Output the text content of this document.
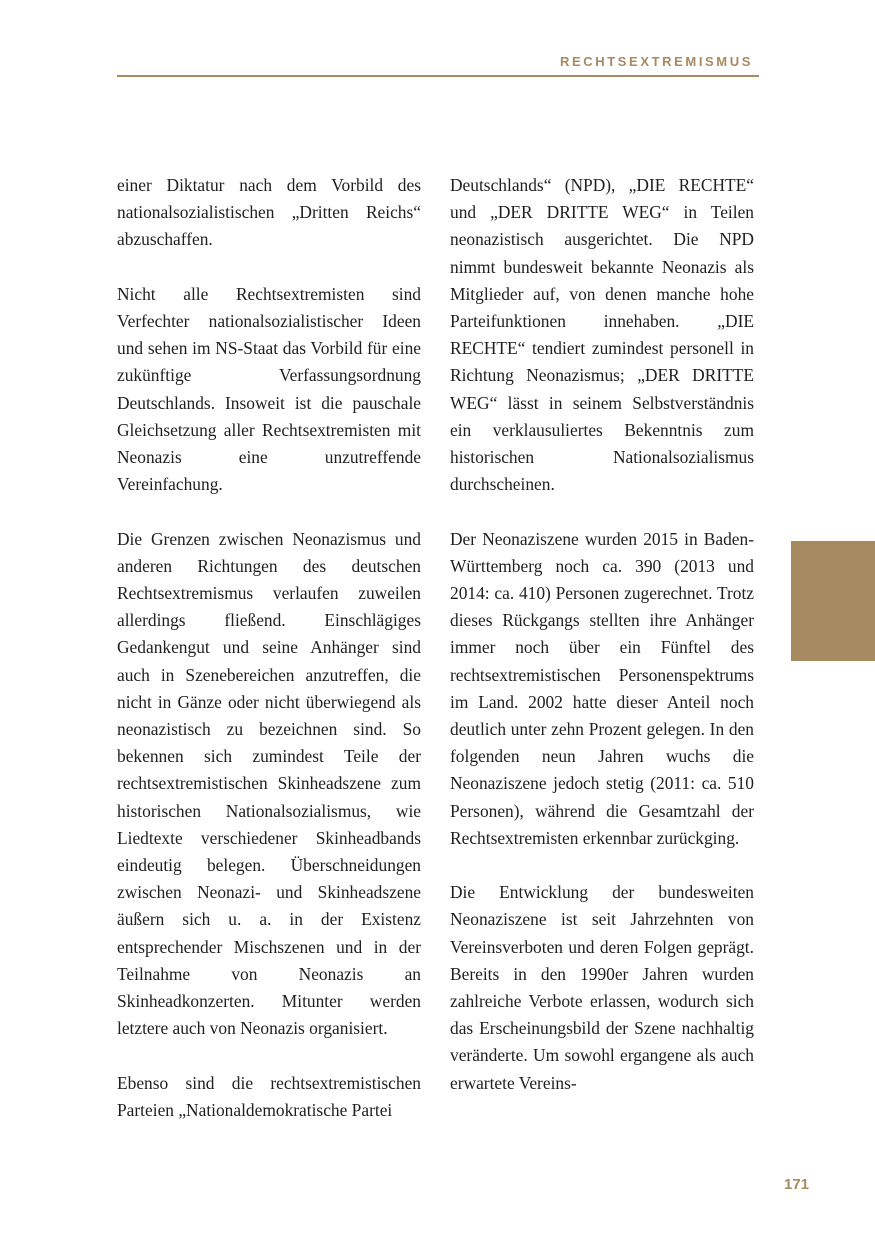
RECHTSEXTREMISMUS

einer Diktatur nach dem Vorbild des nationalsozialistischen „Dritten Reichs“ abzuschaffen.

Nicht alle Rechtsextremisten sind Verfechter nationalsozialistischer Ideen und sehen im NS-Staat das Vorbild für eine zukünftige Verfassungsordnung Deutschlands. Insoweit ist die pauschale Gleichsetzung aller Rechtsextremisten mit Neonazis eine unzutreffende Vereinfachung.

Die Grenzen zwischen Neonazismus und anderen Richtungen des deutschen Rechtsextremismus verlaufen zuweilen allerdings fließend. Einschlägiges Gedankengut und seine Anhänger sind auch in Szenebereichen anzutreffen, die nicht in Gänze oder nicht überwiegend als neonazistisch zu bezeichnen sind. So bekennen sich zumindest Teile der rechtsextremistischen Skinheadszene zum historischen Nationalsozialismus, wie Liedtexte verschiedener Skinheadbands eindeutig belegen. Überschneidungen zwischen Neonazi- und Skinheadszene äußern sich u. a. in der Existenz entsprechender Mischszenen und in der Teilnahme von Neonazis an Skinheadkonzerten. Mitunter werden letztere auch von Neonazis organisiert.

Ebenso sind die rechtsextremistischen Parteien „Nationaldemokratische Partei

Deutschlands“ (NPD), „DIE RECHTE“ und „DER DRITTE WEG“ in Teilen neonazistisch ausgerichtet. Die NPD nimmt bundesweit bekannte Neonazis als Mitglieder auf, von denen manche hohe Parteifunktionen innehaben. „DIE RECHTE“ tendiert zumindest personell in Richtung Neonazismus; „DER DRITTE WEG“ lässt in seinem Selbstverständnis ein verklausuliertes Bekenntnis zum historischen Nationalsozialismus durchscheinen.

Der Neonaziszene wurden 2015 in Baden-Württemberg noch ca. 390 (2013 und 2014: ca. 410) Personen zugerechnet. Trotz dieses Rückgangs stellten ihre Anhänger immer noch über ein Fünftel des rechtsextremistischen Personenspektrums im Land. 2002 hatte dieser Anteil noch deutlich unter zehn Prozent gelegen. In den folgenden neun Jahren wuchs die Neonaziszene jedoch stetig (2011: ca. 510 Personen), während die Gesamtzahl der Rechtsextremisten erkennbar zurückging.

Die Entwicklung der bundesweiten Neonaziszene ist seit Jahrzehnten von Vereinsverboten und deren Folgen geprägt. Bereits in den 1990er Jahren wurden zahlreiche Verbote erlassen, wodurch sich das Erscheinungsbild der Szene nachhaltig veränderte. Um sowohl ergangene als auch erwartete Vereins-

171
